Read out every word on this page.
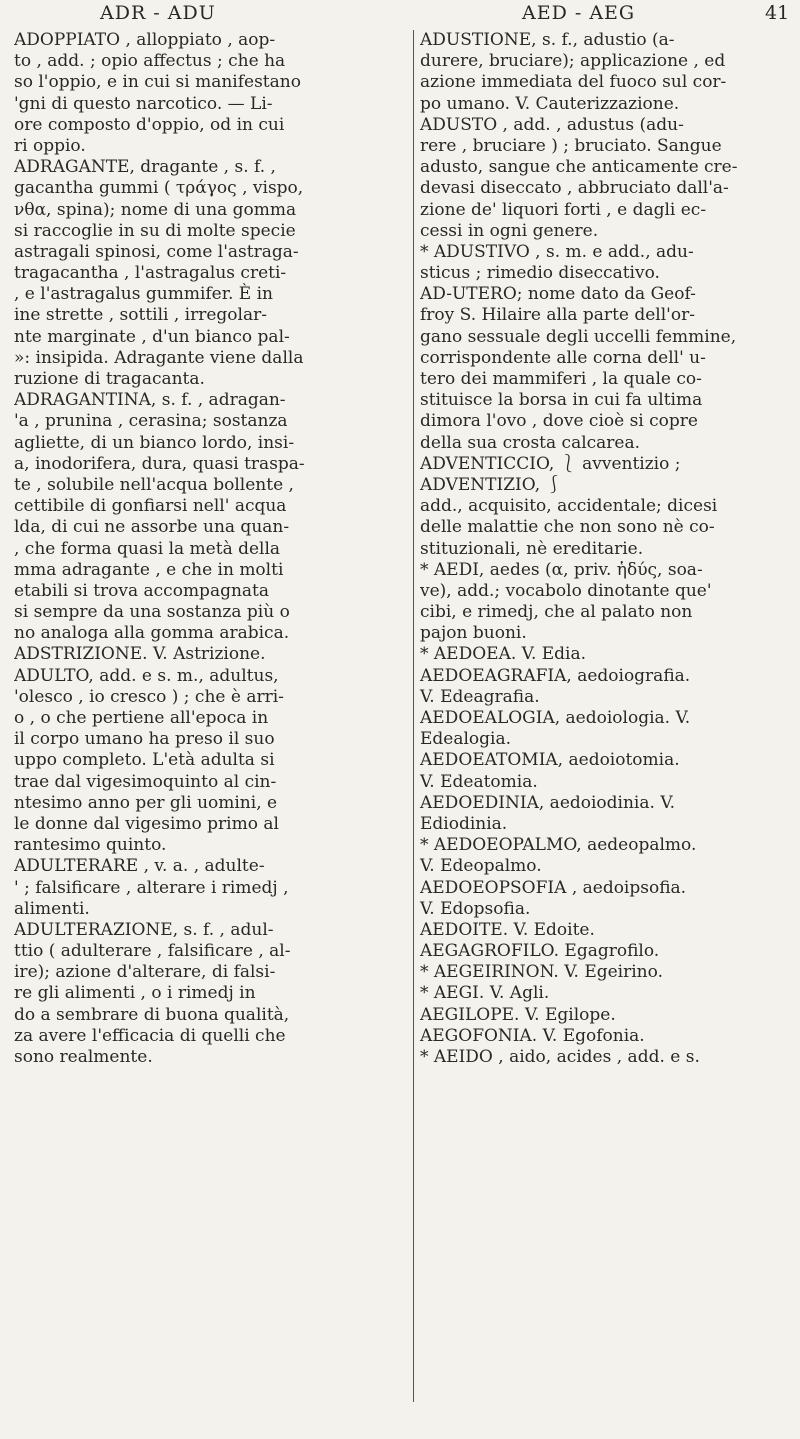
ADR - ADU	AED - AEG	41
ADOPPIATO , alloppiato , aop-
to , add. ; opio affectus ; che ha
so l'oppio, e in cui si manifestano
'gni di questo narcotico. — Li-
ore composto d'oppio, od in cui
ri oppio.
ADRAGANTE, dragante , s. f. ,
gacantha gummi ( τράγος , vispo,
νθα, spina); nome di una gomma
si raccoglie in su di molte specie
astragali spinosi, come l'astraga-
tragacantha , l'astragalus creti-
, e l'astragalus gummifer. È in
ine strette , sottili , irregolar-
nte marginate , d'un bianco pal-
»: insipida. Adragante viene dalla
ruzione di tragacanta.
ADRAGANTINA, s. f. , adragan-
'a , prunina , cerasina; sostanza
agliette, di un bianco lordo, insi-
a, inodorifera, dura, quasi traspa-
te , solubile nell'acqua bollente ,
cettibile di gonfiarsi nell' acqua
lda, di cui ne assorbe una quan-
, che forma quasi la metà della
mma adragante , e che in molti
etabili si trova accompagnata
si sempre da una sostanza più o
no analoga alla gomma arabica.
ADSTRIZIONE. V. Astrizione.
ADULTO, add. e s. m., adultus,
'olesco , io cresco ) ; che è arri-
o , o che pertiene all'epoca in
il corpo umano ha preso il suo
uppo completo. L'età adulta si
trae dal vigesimoquinto al cin-
ntesimo anno per gli uomini, e
le donne dal vigesimo primo al
rantesimo quinto.
ADULTERARE , v. a. , adulte-
' ; falsificare , alterare i rimedj ,
alimenti.
ADULTERAZIONE, s. f. , adul-
ttio ( adulterare , falsificare , al-
ire); azione d'alterare, di falsi-
re gli alimenti , o i rimedj in
do a sembrare di buona qualità,
za avere l'efficacia di quelli che
sono realmente.
ADUSTIONE, s. f., adustio (a-
durere, bruciare); applicazione , ed
azione immediata del fuoco sul cor-
po umano. V. Cauterizzazione.
ADUSTO , add. , adustus (adu-
rere , bruciare ) ; bruciato. Sangue
adusto, sangue che anticamente cre-
devasi diseccato , abbruciato dall'a-
zione de' liquori forti , e dagli ec-
cessi in ogni genere.
* ADUSTIVO , s. m. e add., adu-
sticus ; rimedio diseccativo.
AD-UTERO; nome dato da Geof-
froy S. Hilaire alla parte dell'or-
gano sessuale degli uccelli femmine,
corrispondente alle corna dell' u-
tero dei mammiferi , la quale co-
stituisce la borsa in cui fa ultima
dimora l'ovo , dove cioè si copre
della sua crosta calcarea.
ADVENTICCIO, ⎱ avventizio ;
ADVENTIZIO, ⎰
add., acquisito, accidentale; dicesi
delle malattie che non sono nè co-
stituzionali, nè ereditarie.
* AEDI, aedes (α, priv. ἡδύς, soa-
ve), add.; vocabolo dinotante que'
cibi, e rimedj, che al palato non
pajon buoni.
* AEDOEA. V. Edia.
AEDOEAGRAFIA, aedoiografia.
V. Edeagrafia.
AEDOEALOGIA, aedoiologia. V.
Edealogia.
AEDOEATOMIA, aedoiotomia.
V. Edeatomia.
AEDOEDINIA, aedoiodinia. V.
Ediodinia.
* AEDOEOPALMO, aedeopalmo.
V. Edeopalmo.
AEDOEOPSOFIA , aedoipsofia.
V. Edopsofia.
AEDOITE. V. Edoite.
AEGAGROFILO. Egagrofilo.
* AEGEIRINON. V. Egeirino.
* AEGI. V. Agli.
AEGILOPE. V. Egilope.
AEGOFONIA. V. Egofonia.
* AEIDO , aido, acides , add. e s.
